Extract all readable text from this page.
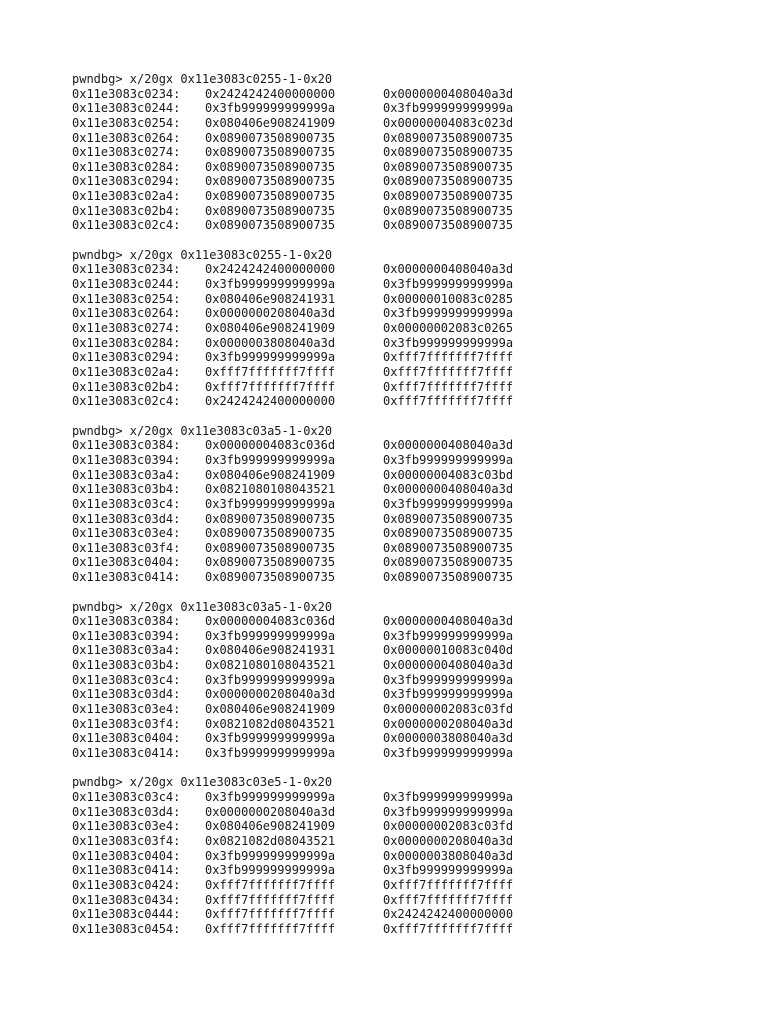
pwndbg> x/20gx 0x11e3083c0255-1-0x20
0x11e3083c0234: 0x2424242400000000	0x0000000408040a3d
0x11e3083c0244: 0x3fb999999999999a	0x3fb999999999999a
0x11e3083c0254: 0x080406e908241909	0x00000004083c023d
0x11e3083c0264: 0x0890073508900735	0x0890073508900735
0x11e3083c0274: 0x0890073508900735	0x0890073508900735
0x11e3083c0284: 0x0890073508900735	0x0890073508900735
0x11e3083c0294: 0x0890073508900735	0x0890073508900735
0x11e3083c02a4: 0x0890073508900735	0x0890073508900735
0x11e3083c02b4: 0x0890073508900735	0x0890073508900735
0x11e3083c02c4: 0x0890073508900735	0x0890073508900735
pwndbg> x/20gx 0x11e3083c0255-1-0x20
0x11e3083c0234: 0x2424242400000000	0x0000000408040a3d
0x11e3083c0244: 0x3fb999999999999a	0x3fb999999999999a
0x11e3083c0254: 0x080406e908241931	0x00000010083c0285
0x11e3083c0264: 0x0000000208040a3d	0x3fb999999999999a
0x11e3083c0274: 0x080406e908241909	0x00000002083c0265
0x11e3083c0284: 0x0000003808040a3d	0x3fb999999999999a
0x11e3083c0294: 0x3fb999999999999a	0xfff7fffffff7ffff
0x11e3083c02a4: 0xfff7fffffff7ffff	0xfff7fffffff7ffff
0x11e3083c02b4: 0xfff7fffffff7ffff	0xfff7fffffff7ffff
0x11e3083c02c4: 0x2424242400000000	0xfff7fffffff7ffff
pwndbg> x/20gx 0x11e3083c03a5-1-0x20
0x11e3083c0384: 0x00000004083c036d	0x0000000408040a3d
0x11e3083c0394: 0x3fb999999999999a	0x3fb999999999999a
0x11e3083c03a4: 0x080406e908241909	0x00000004083c03bd
0x11e3083c03b4: 0x0821080108043521	0x0000000408040a3d
0x11e3083c03c4: 0x3fb999999999999a	0x3fb999999999999a
0x11e3083c03d4: 0x0890073508900735	0x0890073508900735
0x11e3083c03e4: 0x0890073508900735	0x0890073508900735
0x11e3083c03f4: 0x0890073508900735	0x0890073508900735
0x11e3083c0404: 0x0890073508900735	0x0890073508900735
0x11e3083c0414: 0x0890073508900735	0x0890073508900735
pwndbg> x/20gx 0x11e3083c03a5-1-0x20
0x11e3083c0384: 0x00000004083c036d	0x0000000408040a3d
0x11e3083c0394: 0x3fb999999999999a	0x3fb999999999999a
0x11e3083c03a4: 0x080406e908241931	0x00000010083c040d
0x11e3083c03b4: 0x0821080108043521	0x0000000408040a3d
0x11e3083c03c4: 0x3fb999999999999a	0x3fb999999999999a
0x11e3083c03d4: 0x0000000208040a3d	0x3fb999999999999a
0x11e3083c03e4: 0x080406e908241909	0x00000002083c03fd
0x11e3083c03f4: 0x0821082d08043521	0x0000000208040a3d
0x11e3083c0404: 0x3fb999999999999a	0x0000003808040a3d
0x11e3083c0414: 0x3fb999999999999a	0x3fb999999999999a
pwndbg> x/20gx 0x11e3083c03e5-1-0x20
0x11e3083c03c4: 0x3fb999999999999a	0x3fb999999999999a
0x11e3083c03d4: 0x0000000208040a3d	0x3fb999999999999a
0x11e3083c03e4: 0x080406e908241909	0x00000002083c03fd
0x11e3083c03f4: 0x0821082d08043521	0x0000000208040a3d
0x11e3083c0404: 0x3fb999999999999a	0x0000003808040a3d
0x11e3083c0414: 0x3fb999999999999a	0x3fb999999999999a
0x11e3083c0424: 0xfff7fffffff7ffff	0xfff7fffffff7ffff
0x11e3083c0434: 0xfff7fffffff7ffff	0xfff7fffffff7ffff
0x11e3083c0444: 0xfff7fffffff7ffff	0x2424242400000000
0x11e3083c0454: 0xfff7fffffff7ffff	0xfff7fffffff7ffff
